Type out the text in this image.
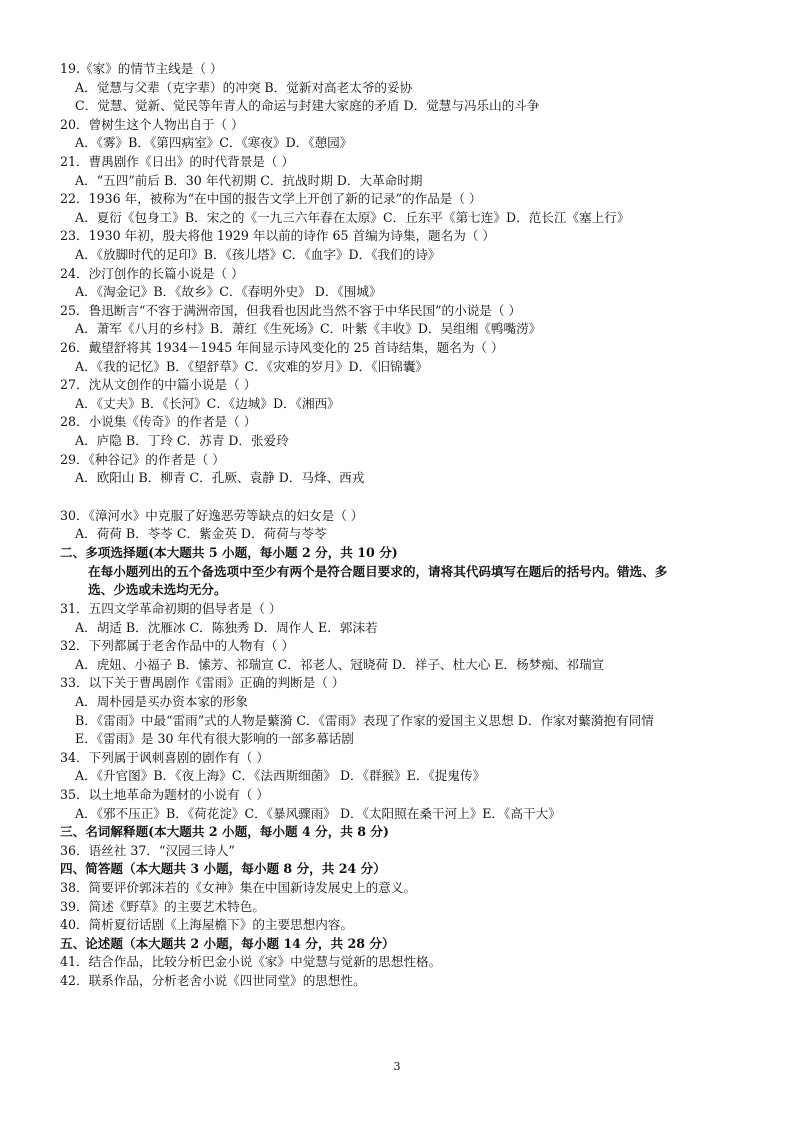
19.《家》的情节主线是（ ）
A．觉慧与父辈（克字辈）的冲突 B．觉新对高老太爷的妥协
C．觉慧、觉新、觉民等年青人的命运与封建大家庭的矛盾 D．觉慧与冯乐山的斗争
20．曾树生这个人物出自于（ ）
A．《雾》B．《第四病室》C．《寒夜》D．《憩园》
21．曹禺剧作《日出》的时代背景是（ ）
A．“五四”前后 B．30 年代初期 C．抗战时期 D．大革命时期
22．1936 年，被称为“在中国的报告文学上开创了新的记录”的作品是（ ）
A．夏衍《包身工》B．宋之的《一九三六年春在太原》C．丘东平《第七连》D．范长江《塞上行》
23．1930 年初，殷夫将他 1929 年以前的诗作 65 首编为诗集，题名为（ ）
A．《放脚时代的足印》B．《孩儿塔》C．《血字》D．《我们的诗》
24．沙汀创作的长篇小说是（ ）
A．《淘金记》B．《故乡》C．《春明外史》 D．《围城》
25．鲁迅断言“不容于满洲帝国，但我看也因此当然不容于中华民国”的小说是（ ）
A．萧军《八月的乡村》B．萧红《生死场》C．叶紫《丰收》D．吴组缃《鸭嘴涝》
26．戴望舒将其 1934－1945 年间显示诗风变化的 25 首诗结集，题名为（ ）
A．《我的记忆》B．《望舒草》C．《灾难的岁月》D．《旧锦囊》
27．沈从文创作的中篇小说是（ ）
A．《丈夫》B．《长河》C．《边城》D．《湘西》
28．小说集《传奇》的作者是（ ）
A．庐隐 B．丁玲 C．苏青 D．张爱玲
29．《种谷记》的作者是（ ）
A．欧阳山 B．柳青 C．孔厥、袁静 D．马烽、西戎
30．《漳河水》中克服了好逸恶劳等缺点的妇女是（ ）
A．荷荷 B．苓苓 C．紫金英 D．荷荷与苓苓
二、多项选择题(本大题共 5 小题，每小题 2 分，共 10 分)
在每小题列出的五个备选项中至少有两个是符合题目要求的，请将其代码填写在题后的括号内。错选、多
选、少选或未选均无分。
31．五四文学革命初期的倡导者是（ ）
A．胡适 B．沈雁冰 C．陈独秀 D．周作人 E．郭沫若
32．下列都属于老舍作品中的人物有（ ）
A．虎妞、小福子 B．愫芳、祁瑞宣 C．祁老人、冠晓荷 D．祥子、杜大心 E．杨梦痴、祁瑞宣
33．以下关于曹禺剧作《雷雨》正确的判断是（ ）
A．周朴园是买办资本家的形象
B．《雷雨》中最“雷雨”式的人物是蘩漪 C．《雷雨》表现了作家的爱国主义思想 D．作家对蘩漪抱有同情
E．《雷雨》是 30 年代有很大影响的一部多幕话剧
34．下列属于讽刺喜剧的剧作有（ ）
A．《升官图》B．《夜上海》C．《法西斯细菌》 D．《群猴》E．《捉鬼传》
35．以土地革命为题材的小说有（ ）
A．《邪不压正》B．《荷花淀》C．《暴风骤雨》 D．《太阳照在桑干河上》E．《高干大》
三、名词解释题(本大题共 2 小题，每小题 4 分，共 8 分)
36．语丝社 37．“汉园三诗人”
四、简答题（本大题共 3 小题，每小题 8 分，共 24 分）
38．简要评价郭沫若的《女神》集在中国新诗发展史上的意义。
39．简述《野草》的主要艺术特色。
40．简析夏衍话剧《上海屋檐下》的主要思想内容。
五、论述题（本大题共 2 小题，每小题 14 分，共 28 分）
41．结合作品，比较分析巴金小说《家》中觉慧与觉新的思想性格。
42．联系作品，分析老舍小说《四世同堂》的思想性。
3
